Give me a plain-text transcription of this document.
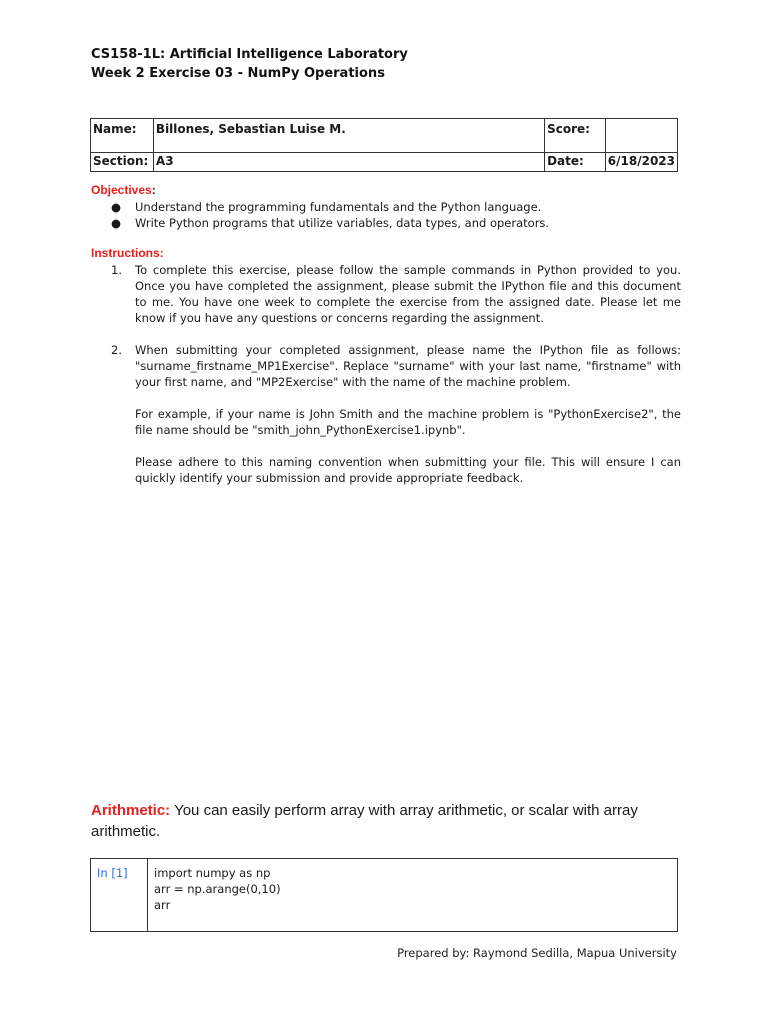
CS158-1L: Artificial Intelligence Laboratory
Week 2 Exercise 03 - NumPy Operations
Name:	Billones, Sebastian Luise M.	Score:	
Section:	A3	Date:	6/18/2023
Objectives:
● Understand the programming fundamentals and the Python language.
● Write Python programs that utilize variables, data types, and operators.
Instructions:
1. To complete this exercise, please follow the sample commands in Python provided to you. Once you have completed the assignment, please submit the IPython file and this document to me. You have one week to complete the exercise from the assigned date. Please let me know if you have any questions or concerns regarding the assignment.

2. When submitting your completed assignment, please name the IPython file as follows: "surname_firstname_MP1Exercise". Replace "surname" with your last name, "firstname" with your first name, and "MP2Exercise" with the name of the machine problem.

For example, if your name is John Smith and the machine problem is "PythonExercise2", the file name should be "smith_john_PythonExercise1.ipynb".

Please adhere to this naming convention when submitting your file. This will ensure I can quickly identify your submission and provide appropriate feedback.

Arithmetic: You can easily perform array with array arithmetic, or scalar with array arithmetic.
In [1]	import numpy as np
arr = np.arange(0,10)
arr
Prepared by: Raymond Sedilla, Mapua University
